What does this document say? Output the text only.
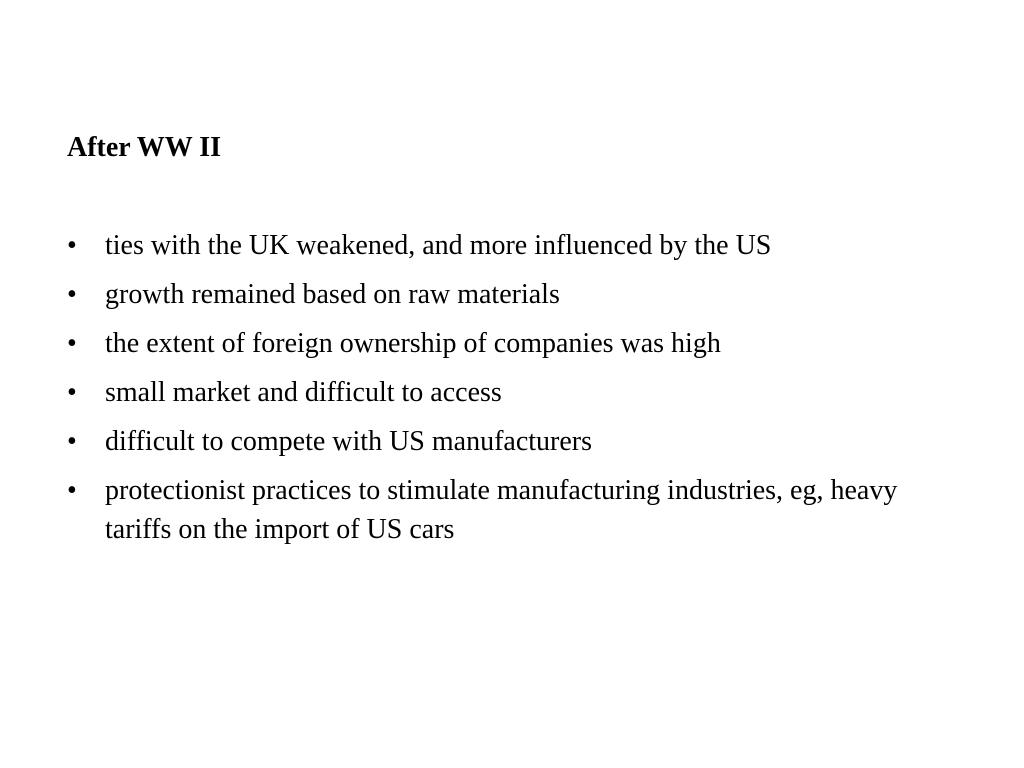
After WW II
•	ties with the UK weakened, and more influenced by the US
•	growth remained based on raw materials
•	the extent of foreign ownership of companies was high
•	small market and difficult to access
•	difficult to compete with US manufacturers
•	protectionist practices to stimulate manufacturing industries, eg, heavy tariffs on the import of US cars
